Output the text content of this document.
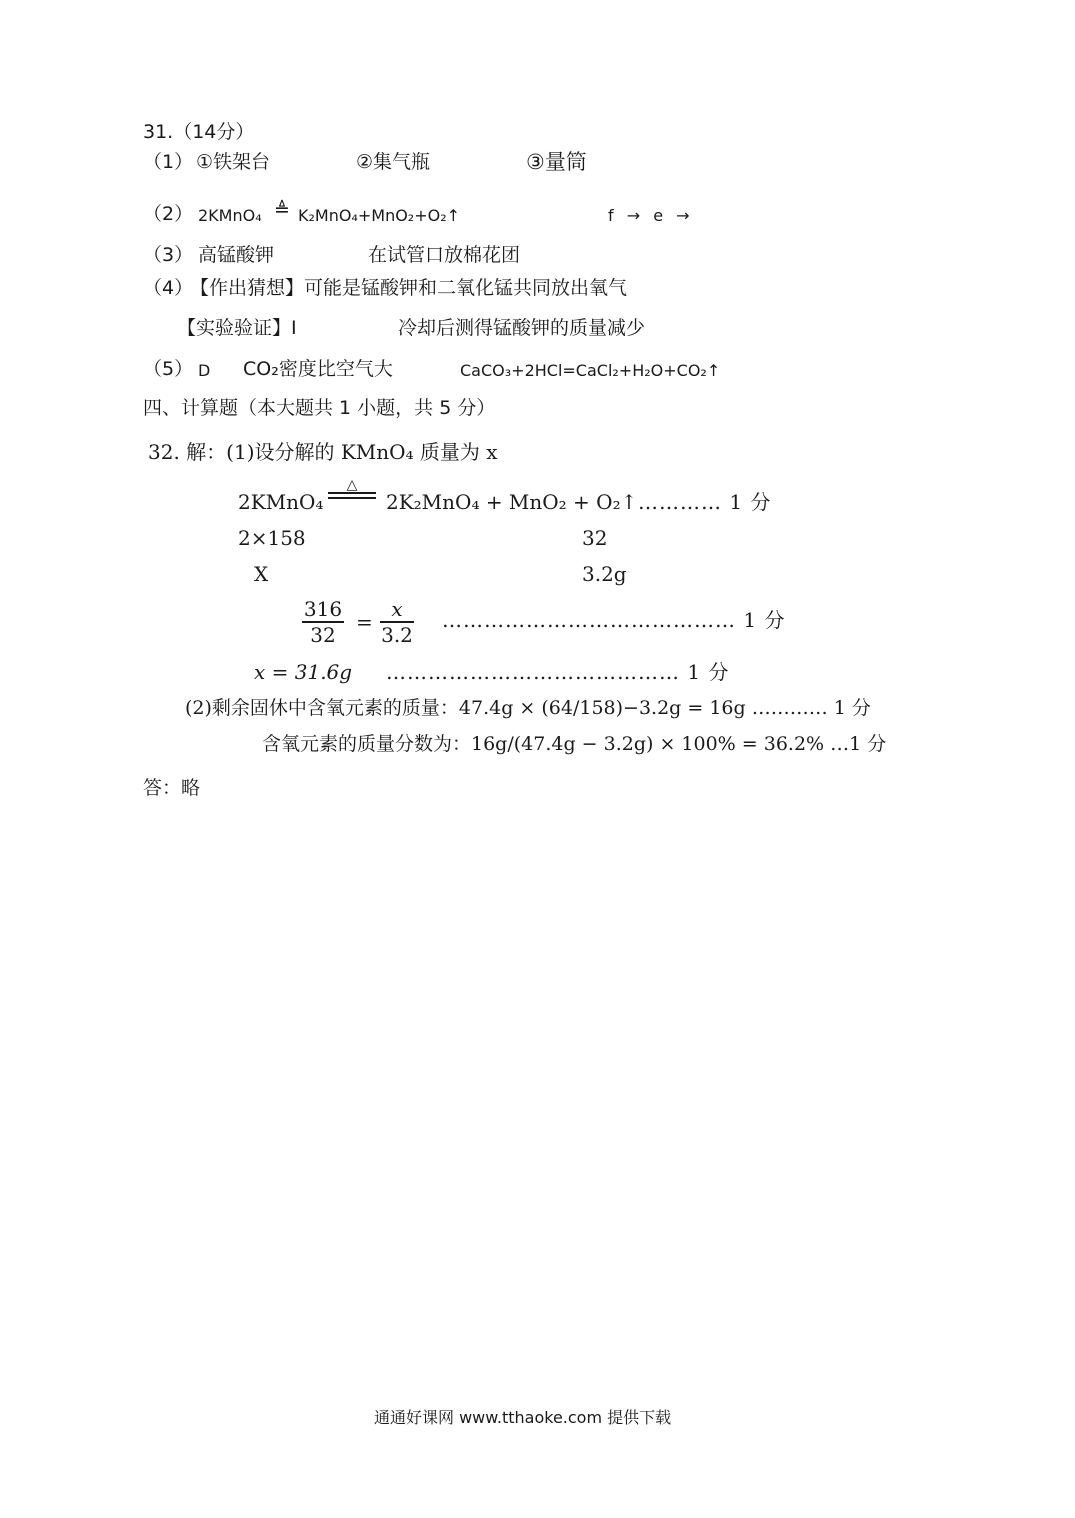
31.（14分）
（1） ①铁架台	②集气瓶	③量筒
（2） 2KMnO₄ ≜ K₂MnO₄+MnO₂+O₂↑	f → e →
（3） 高锰酸钾	在试管口放棉花团
（4）
【作出猜想】可能是锰酸钾和二氧化锰共同放出氧气
【实验验证】Ⅰ	冷却后测得锰酸钾的质量减少
（5） D CO₂密度比空气大	CaCO₃+2HCl=CaCl₂+H₂O+CO₂↑
四、计算题（本大题共 1 小题，共 5 分）
32. 解：(1)设分解的 KMnO₄ 质量为 x
2KMnO₄
△
2K₂MnO₄ + MnO₂ + O₂↑ ………… 1 分
2×158	32
X	3.2g
316
32
=
x
3.2
…………………………………… 1 分
x = 31.6g …………………………………… 1 分
(2)剩余固休中含氧元素的质量：47.4g × (64/158)−3.2g = 16g ………… 1 分
含氧元素的质量分数为：16g/(47.4g − 3.2g) × 100% = 36.2% …1 分
答：略
通通好课网 www.tthaoke.com 提供下载
